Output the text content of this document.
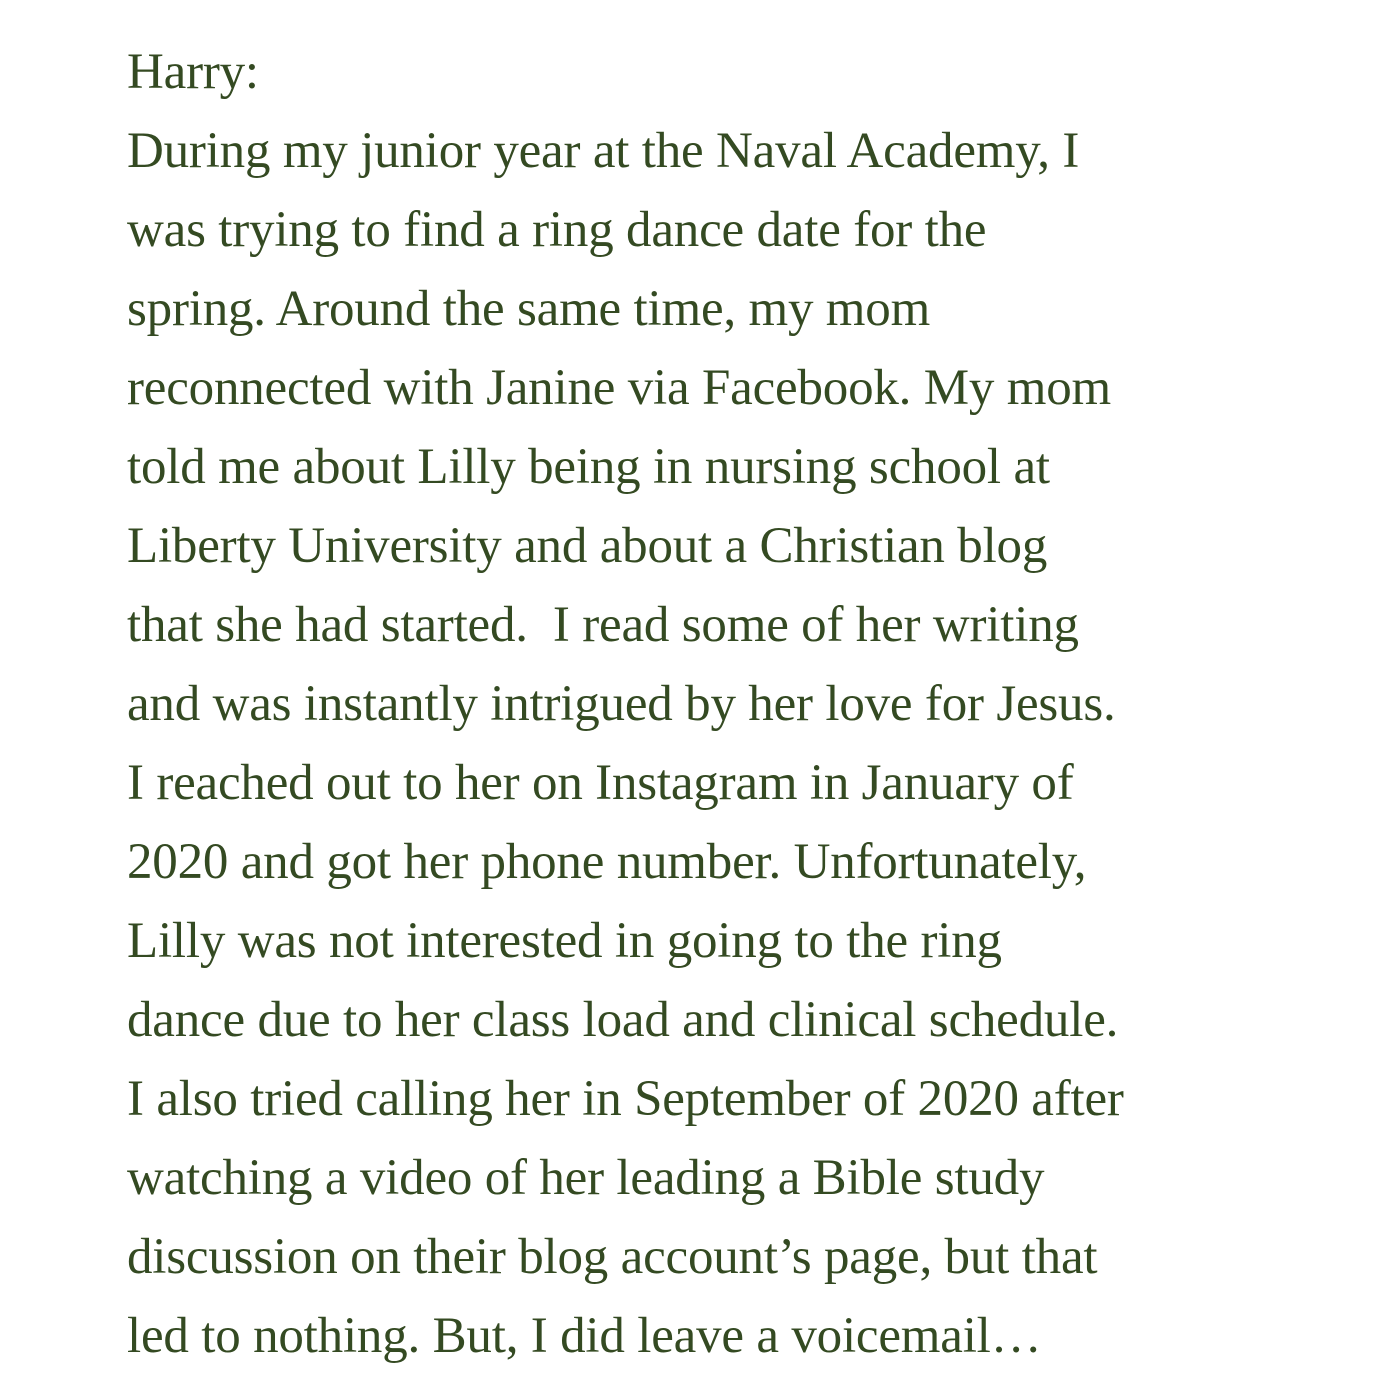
Harry:
During my junior year at the Naval Academy, I
was trying to find a ring dance date for the
spring. Around the same time, my mom
reconnected with Janine via Facebook. My mom
told me about Lilly being in nursing school at
Liberty University and about a Christian blog
that she had started.  I read some of her writing
and was instantly intrigued by her love for Jesus.
I reached out to her on Instagram in January of
2020 and got her phone number. Unfortunately,
Lilly was not interested in going to the ring
dance due to her class load and clinical schedule.
I also tried calling her in September of 2020 after
watching a video of her leading a Bible study
discussion on their blog account’s page, but that
led to nothing. But, I did leave a voicemail…
